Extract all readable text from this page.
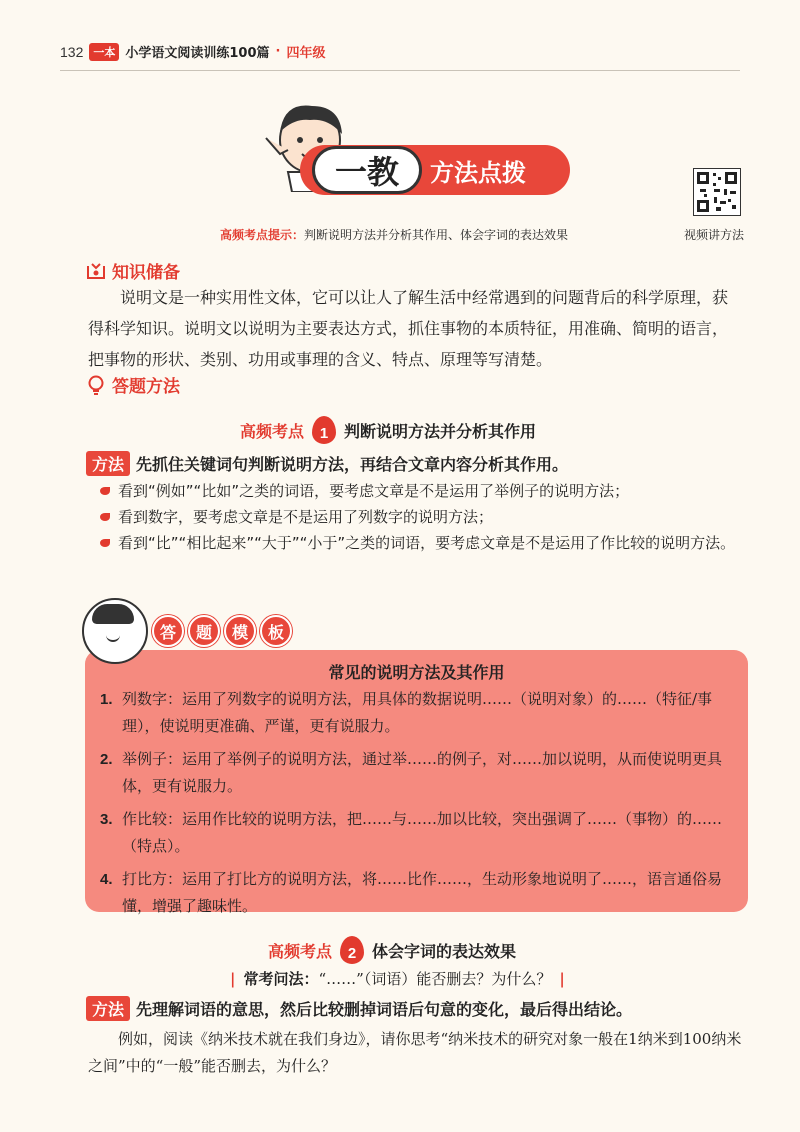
132 一本 小学语文阅读训练100篇 · 四年级
一教	方法点拨
视频讲方法
高频考点提示：判断说明方法并分析其作用、体会字词的表达效果
知识储备
说明文是一种实用性文体，它可以让人了解生活中经常遇到的问题背后的科学原理，获得科学知识。说明文以说明为主要表达方式，抓住事物的本质特征，用准确、简明的语言，把事物的形状、类别、功用或事理的含义、特点、原理等写清楚。
答题方法
高频考点	1 判断说明方法并分析其作用
方法 先抓住关键词句判断说明方法，再结合文章内容分析其作用。
看到“例如”“比如”之类的词语，要考虑文章是不是运用了举例子的说明方法；
看到数字，要考虑文章是不是运用了列数字的说明方法；
看到“比”“相比起来”“大于”“小于”之类的词语，要考虑文章是不是运用了作比较的说明方法。
答	题	模	板
常见的说明方法及其作用
1. 列数字：运用了列数字的说明方法，用具体的数据说明……（说明对象）的……（特征/事理），使说明更准确、严谨，更有说服力。
2. 举例子：运用了举例子的说明方法，通过举……的例子，对……加以说明，从而使说明更具体，更有说服力。
3. 作比较：运用作比较的说明方法，把……与……加以比较，突出强调了……（事物）的……（特点）。
4. 打比方：运用了打比方的说明方法，将……比作……，生动形象地说明了……，语言通俗易懂，增强了趣味性。
高频考点	2 体会字词的表达效果
| 常考问法：“……”（词语）能否删去？为什么？ |
方法 先理解词语的意思，然后比较删掉词语后句意的变化，最后得出结论。
例如，阅读《纳米技术就在我们身边》，请你思考“纳米技术的研究对象一般在1纳米到100纳米之间”中的“一般”能否删去，为什么？
